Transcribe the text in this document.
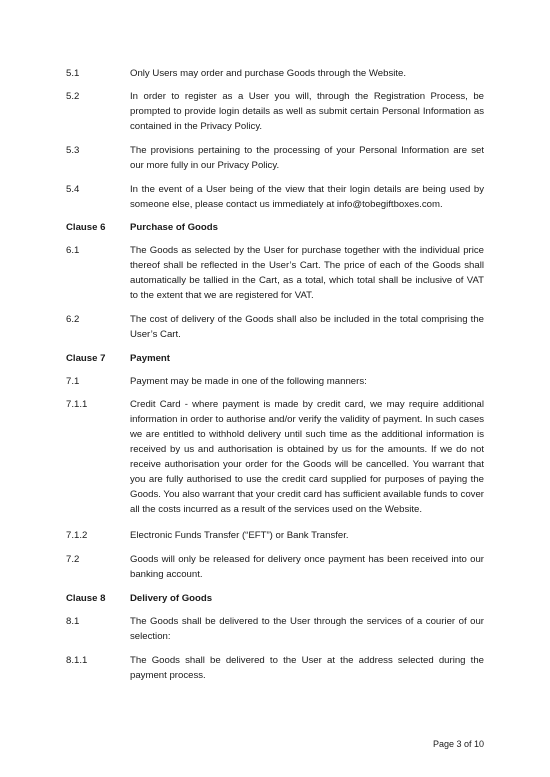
5.1	Only Users may order and purchase Goods through the Website.
5.2	In order to register as a User you will, through the Registration Process, be prompted to provide login details as well as submit certain Personal Information as contained in the Privacy Policy.
5.3	The provisions pertaining to the processing of your Personal Information are set our more fully in our Privacy Policy.
5.4	In the event of a User being of the view that their login details are being used by someone else, please contact us immediately at info@tobegiftboxes.com.
Clause 6	Purchase of Goods
6.1	The Goods as selected by the User for purchase together with the individual price thereof shall be reflected in the User’s Cart. The price of each of the Goods shall automatically be tallied in the Cart, as a total, which total shall be inclusive of VAT to the extent that we are registered for VAT.
6.2	The cost of delivery of the Goods shall also be included in the total comprising the User’s Cart.
Clause 7	Payment
7.1	Payment may be made in one of the following manners:
7.1.1	Credit Card - where payment is made by credit card, we may require additional information in order to authorise and/or verify the validity of payment. In such cases we are entitled to withhold delivery until such time as the additional information is received by us and authorisation is obtained by us for the amounts. If we do not receive authorisation your order for the Goods will be cancelled. You warrant that you are fully authorised to use the credit card supplied for purposes of paying the Goods. You also warrant that your credit card has sufficient available funds to cover all the costs incurred as a result of the services used on the Website.
7.1.2	Electronic Funds Transfer (“EFT”) or Bank Transfer.
7.2	Goods will only be released for delivery once payment has been received into our banking account.
Clause 8	Delivery of Goods
8.1	The Goods shall be delivered to the User through the services of a courier of our selection:
8.1.1	The Goods shall be delivered to the User at the address selected during the payment process.
Page 3 of 10
